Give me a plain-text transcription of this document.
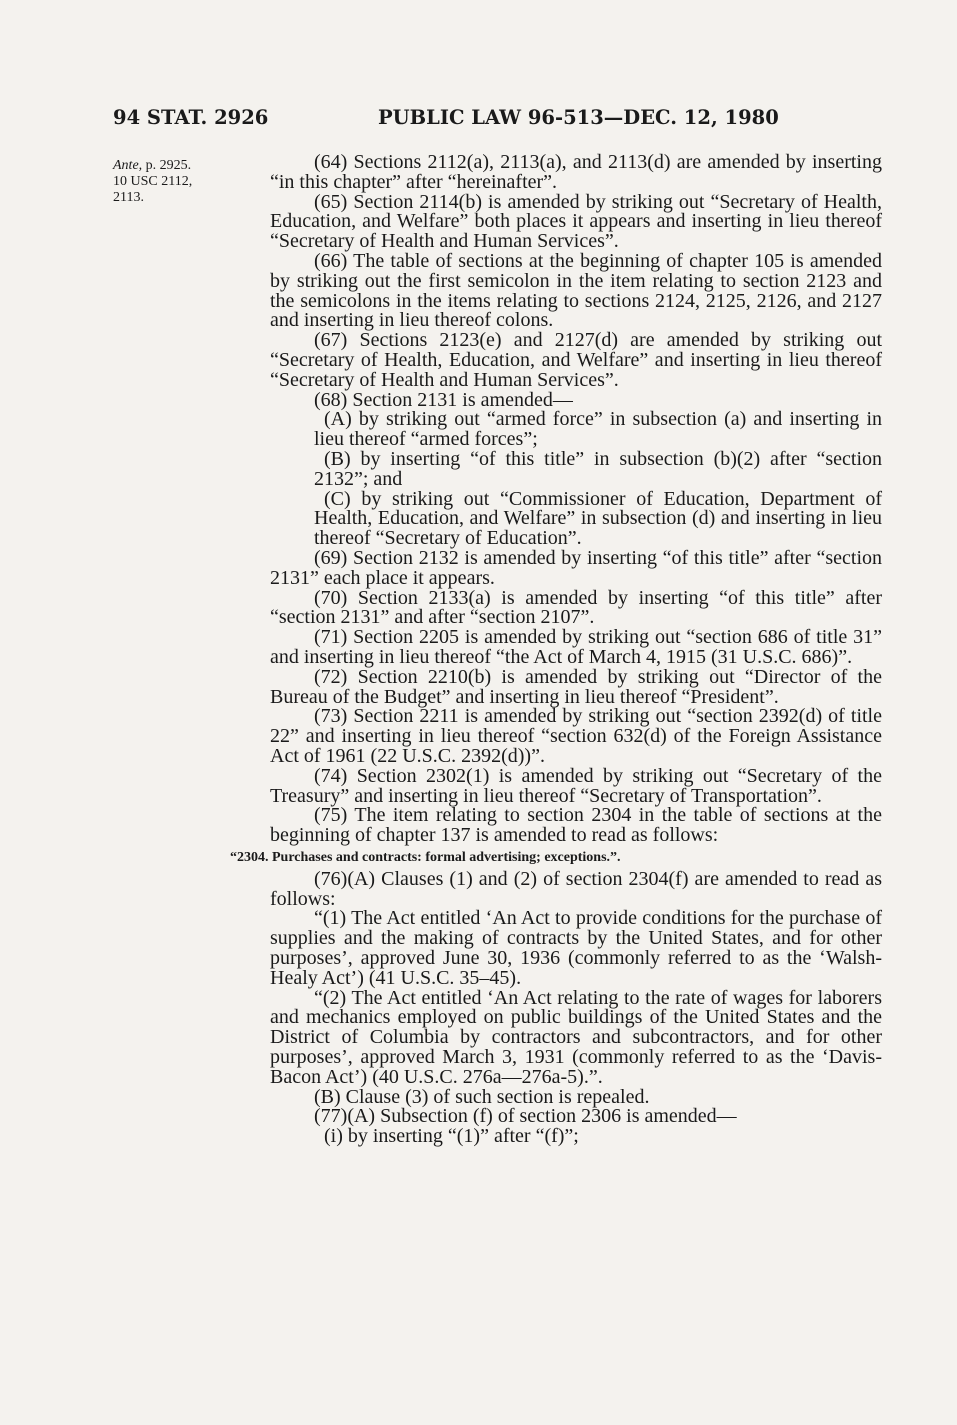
94 STAT. 2926	PUBLIC LAW 96-513—DEC. 12, 1980
Ante, p. 2925.
10 USC 2112,
2113.

(64) Sections 2112(a), 2113(a), and 2113(d) are amended by inserting “in this chapter” after “hereinafter”.

(65) Section 2114(b) is amended by striking out “Secretary of Health, Education, and Welfare” both places it appears and inserting in lieu thereof “Secretary of Health and Human Services”.

(66) The table of sections at the beginning of chapter 105 is amended by striking out the first semicolon in the item relating to section 2123 and the semicolons in the items relating to sections 2124, 2125, 2126, and 2127 and inserting in lieu thereof colons.

(67) Sections 2123(e) and 2127(d) are amended by striking out “Secretary of Health, Education, and Welfare” and inserting in lieu thereof “Secretary of Health and Human Services”.

(68) Section 2131 is amended—

(A) by striking out “armed force” in subsection (a) and inserting in lieu thereof “armed forces”;

(B) by inserting “of this title” in subsection (b)(2) after “section 2132”; and

(C) by striking out “Commissioner of Education, Department of Health, Education, and Welfare” in subsection (d) and inserting in lieu thereof “Secretary of Education”.

(69) Section 2132 is amended by inserting “of this title” after “section 2131” each place it appears.

(70) Section 2133(a) is amended by inserting “of this title” after “section 2131” and after “section 2107”.

(71) Section 2205 is amended by striking out “section 686 of title 31” and inserting in lieu thereof “the Act of March 4, 1915 (31 U.S.C. 686)”.

(72) Section 2210(b) is amended by striking out “Director of the Bureau of the Budget” and inserting in lieu thereof “President”.

(73) Section 2211 is amended by striking out “section 2392(d) of title 22” and inserting in lieu thereof “section 632(d) of the Foreign Assistance Act of 1961 (22 U.S.C. 2392(d))”.

(74) Section 2302(1) is amended by striking out “Secretary of the Treasury” and inserting in lieu thereof “Secretary of Transportation”.

(75) The item relating to section 2304 in the table of sections at the beginning of chapter 137 is amended to read as follows:

“2304. Purchases and contracts: formal advertising; exceptions.”.

(76)(A) Clauses (1) and (2) of section 2304(f) are amended to read as follows:

“(1) The Act entitled ‘An Act to provide conditions for the purchase of supplies and the making of contracts by the United States, and for other purposes’, approved June 30, 1936 (commonly referred to as the ‘Walsh-Healy Act’) (41 U.S.C. 35–45).

“(2) The Act entitled ‘An Act relating to the rate of wages for laborers and mechanics employed on public buildings of the United States and the District of Columbia by contractors and subcontractors, and for other purposes’, approved March 3, 1931 (commonly referred to as the ‘Davis-Bacon Act’) (40 U.S.C. 276a—276a-5).”.

(B) Clause (3) of such section is repealed.

(77)(A) Subsection (f) of section 2306 is amended—

(i) by inserting “(1)” after “(f)”;
